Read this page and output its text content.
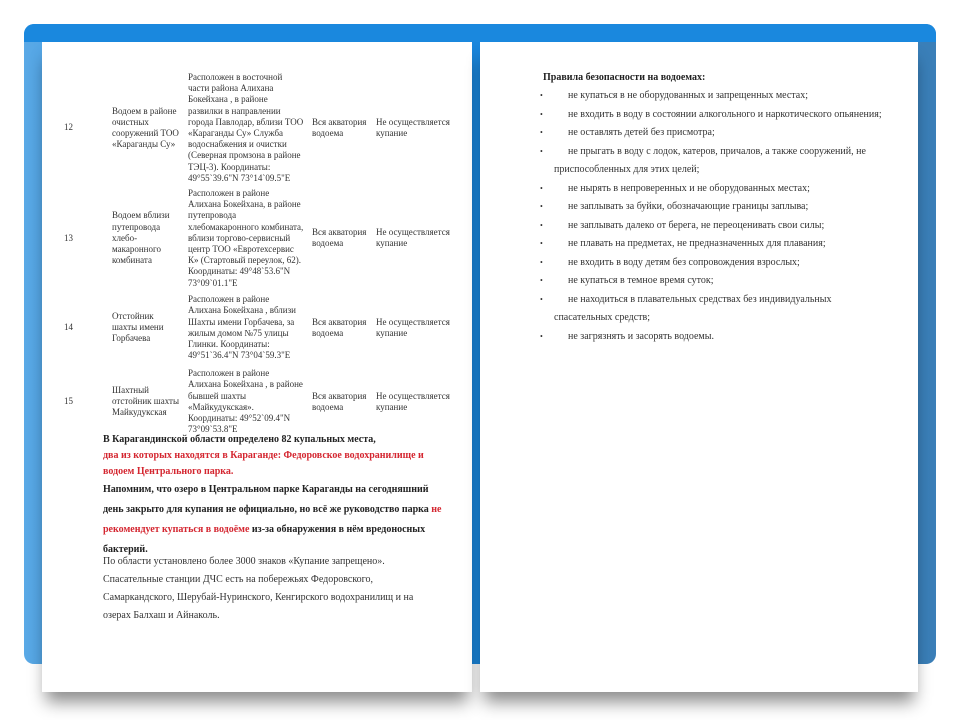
12	Водоем в районе очистных сооружений ТОО «Караганды Су»	Расположен в восточной части района Алихана Бокейхана , в районе развилки в направлении города Павлодар, вблизи ТОО «Караганды Су» Служба водоснабжения и очистки (Северная промзона в районе ТЭЦ-3). Координаты: 49°55`39.6"N 73°14`09.5"E	Вся акватория водоема	Не осуществляется купание
13	Водоем вблизи путепровода хлебо-макаронного комбината	Расположен в районе Алихана Бокейхана, в районе путепровода хлебомакаронного комбината, вблизи торгово-сервисный центр ТОО «Евротехсервис К» (Стартовый переулок, 62). Координаты: 49°48`53.6"N 73°09`01.1"E	Вся акватория водоема	Не осуществляется купание
14	Отстойник шахты имени Горбачева	Расположен в районе Алихана Бокейхана , вблизи Шахты имени Горбачева, за жилым домом №75 улицы Глинки. Координаты: 49°51`36.4"N 73°04`59.3"E	Вся акватория водоема	Не осуществляется купание
15	Шахтный отстойник шахты Майкудукская	Расположен в районе Алихана Бокейхана , в районе бывшей шахты «Майкудукская». Координаты: 49°52`09.4"N 73°09`53.8"E	Вся акватория водоема	Не осуществляется купание

В Карагандинской области определено 82 купальных места,

два из которых находятся в Караганде: Федоровское водохранилище и водоем Центрального парка.

Напомним, что озеро в Центральном парке Караганды на сегодняшний день закрыто для купания не официально, но всё же руководство парка не рекомендует купаться в водоёме из-за обнаружения в нём вредоносных бактерий.

По области установлено более 3000 знаков «Купание запрещено». Спасательные станции ДЧС есть на побережьях Федоровского, Самаркандского, Шерубай-Нуринского, Кенгирского водохранилищ и на озерах Балхаш и Айнаколь.

Правила безопасности на водоемах:
•	не купаться в не оборудованных и запрещенных местах;
•	не входить в воду в состоянии алкогольного и наркотического опьянения;
•	не оставлять детей без присмотра;
•	не прыгать в воду с лодок, катеров, причалов, а также сооружений, не приспособленных для этих целей;
•	не нырять в непроверенных и не оборудованных местах;
•	не заплывать за буйки, обозначающие границы заплыва;
•	не заплывать далеко от берега, не переоценивать свои силы;
•	не плавать на предметах, не предназначенных для плавания;
•	не входить в воду детям без сопровождения взрослых;
•	не купаться в темное время суток;
•	не находиться в плавательных средствах без индивидуальных спасательных средств;
•	не загрязнять и засорять водоемы.
